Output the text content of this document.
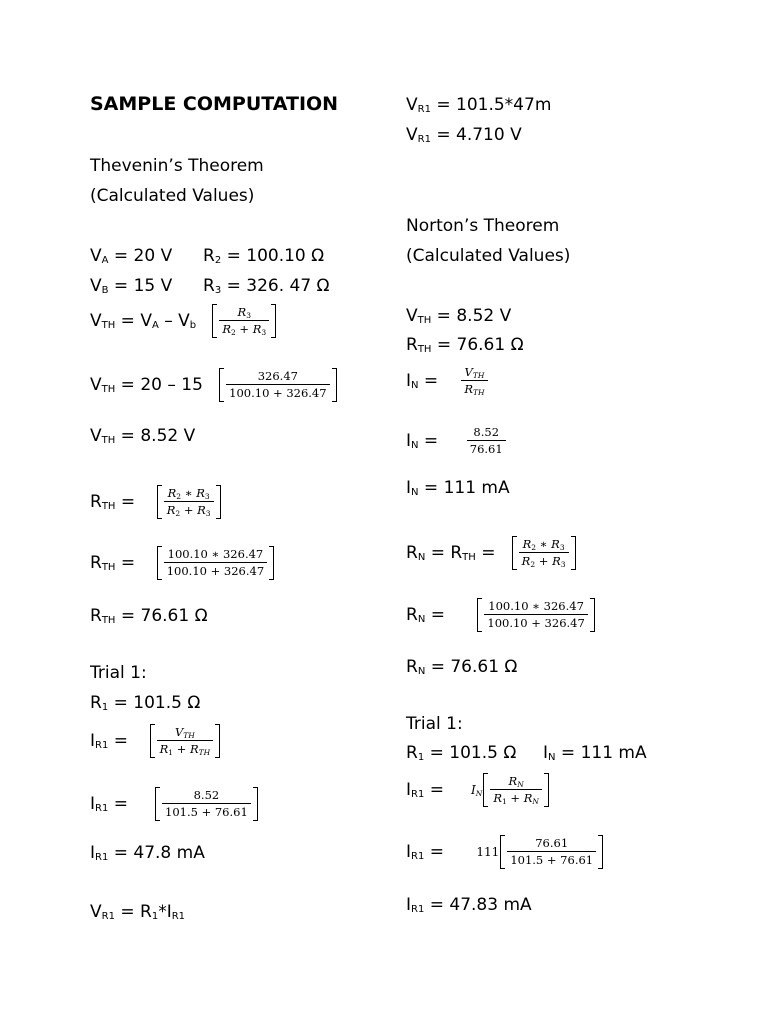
SAMPLE COMPUTATION
Thevenin’s Theorem
(Calculated Values)
$V_A = 20$ V $R_2 = 100.10$ Ω
$V_B = 15$ V $R_3 = 326$. 47 Ω
$V_{TH} = V_A - V_b \frac{R_3}{R_2 + R_3}$
$V_{TH} = 20 - 15 \frac{326.47}{100.10 + 326.47}$
$V_{TH} = 8.52$ V
$R_{TH} = \frac{R_2 ∗ R_3}{R_2 + R_3}$
$R_{TH} = \frac{100.10 ∗ 326.47}{100.10 + 326.47}$
$R_{TH} = 76.61$ Ω
Trial 1:
$R_1 = 101.5$ Ω
$I_{R1} = \frac{V_{TH}}{R_1 + R_{TH}}$
$I_{R1} = \frac{8.52}{101.5 + 76.61}$
$I_{R1} = 47.8$ mA
$V_{R1} = R_1*I_{R1}$
$V_{R1} = 101.5*47m$
$V_{R1} = 4.710$ V
Norton’s Theorem
(Calculated Values)
$V_{TH} = 8.52$ V
$R_{TH} = 76.61$ Ω
$I_N = \frac{V_{TH}}{R_{TH}}$
$I_N = \frac{8.52}{76.61}$
$I_N = 111$ mA
$R_N = R_{TH} = \frac{R_2 ∗ R_3}{R_2 + R_3}$
$R_N = \frac{100.10 ∗ 326.47}{100.10 + 326.47}$
$R_N = 76.61$ Ω
Trial 1:
$R_1 = 101.5$ Ω $I_N = 111$ mA
$I_{R1}$ =     $I_N \frac{R_N}{R_1 + R_N}$
$I_{R1}$ =      $111 \frac{76.61}{101.5 + 76.61}$
$I_{R1} = 47.83$ mA
